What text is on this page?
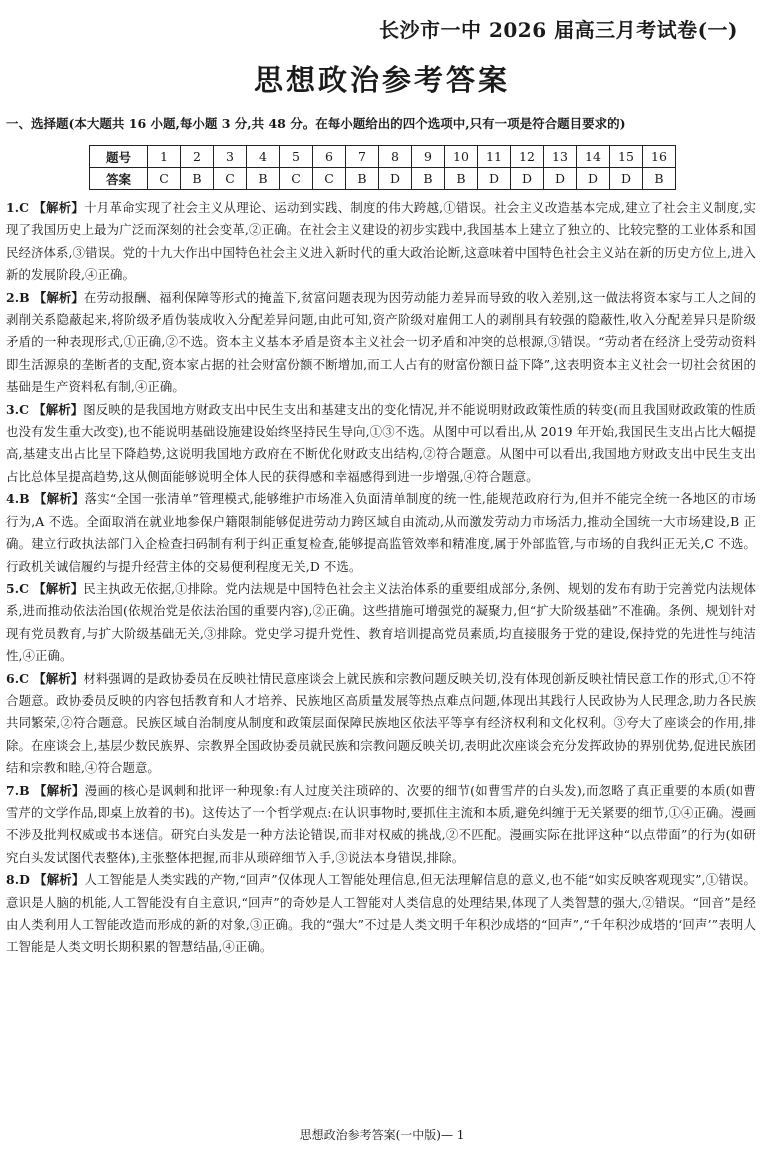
长沙市一中 2026 届高三月考试卷(一)
思想政治参考答案
一、选择题(本大题共 16 小题,每小题 3 分,共 48 分。在每小题给出的四个选项中,只有一项是符合题目要求的)
题号	1	2	3	4	5	6	7	8	9	10	11	12	13	14	15	16
答案	C	B	C	B	C	C	B	D	B	B	D	D	D	D	D	B

1.C 【解析】十月革命实现了社会主义从理论、运动到实践、制度的伟大跨越,①错误。社会主义改造基本完成,建立了社会主义制度,实现了我国历史上最为广泛而深刻的社会变革,②正确。在社会主义建设的初步实践中,我国基本上建立了独立的、比较完整的工业体系和国民经济体系,③错误。党的十九大作出中国特色社会主义进入新时代的重大政治论断,这意味着中国特色社会主义站在新的历史方位上,进入新的发展阶段,④正确。

2.B 【解析】在劳动报酬、福利保障等形式的掩盖下,贫富问题表现为因劳动能力差异而导致的收入差别,这一做法将资本家与工人之间的剥削关系隐蔽起来,将阶级矛盾伪装成收入分配差异问题,由此可知,资产阶级对雇佣工人的剥削具有较强的隐蔽性,收入分配差异只是阶级矛盾的一种表现形式,①正确,②不选。资本主义基本矛盾是资本主义社会一切矛盾和冲突的总根源,③错误。“劳动者在经济上受劳动资料即生活源泉的垄断者的支配,资本家占据的社会财富份额不断增加,而工人占有的财富份额日益下降”,这表明资本主义社会一切社会贫困的基础是生产资料私有制,④正确。

3.C 【解析】图反映的是我国地方财政支出中民生支出和基建支出的变化情况,并不能说明财政政策性质的转变(而且我国财政政策的性质也没有发生重大改变),也不能说明基础设施建设始终坚持民生导向,①③不选。从图中可以看出,从 2019 年开始,我国民生支出占比大幅提高,基建支出占比呈下降趋势,这说明我国地方政府在不断优化财政支出结构,②符合题意。从图中可以看出,我国地方财政支出中民生支出占比总体呈提高趋势,这从侧面能够说明全体人民的获得感和幸福感得到进一步增强,④符合题意。

4.B 【解析】落实“全国一张清单”管理模式,能够维护市场准入负面清单制度的统一性,能规范政府行为,但并不能完全统一各地区的市场行为,A 不选。全面取消在就业地参保户籍限制能够促进劳动力跨区域自由流动,从而激发劳动力市场活力,推动全国统一大市场建设,B 正确。建立行政执法部门入企检查扫码制有利于纠正重复检查,能够提高监管效率和精准度,属于外部监管,与市场的自我纠正无关,C 不选。行政机关诚信履约与提升经营主体的交易便利程度无关,D 不选。

5.C 【解析】民主执政无依据,①排除。党内法规是中国特色社会主义法治体系的重要组成部分,条例、规划的发布有助于完善党内法规体系,进而推动依法治国(依规治党是依法治国的重要内容),②正确。这些措施可增强党的凝聚力,但“扩大阶级基础”不准确。条例、规划针对现有党员教育,与扩大阶级基础无关,③排除。党史学习提升党性、教育培训提高党员素质,均直接服务于党的建设,保持党的先进性与纯洁性,④正确。

6.C 【解析】材料强调的是政协委员在反映社情民意座谈会上就民族和宗教问题反映关切,没有体现创新反映社情民意工作的形式,①不符合题意。政协委员反映的内容包括教育和人才培养、民族地区高质量发展等热点难点问题,体现出其践行人民政协为人民理念,助力各民族共同繁荣,②符合题意。民族区域自治制度从制度和政策层面保障民族地区依法平等享有经济权利和文化权利。③夸大了座谈会的作用,排除。在座谈会上,基层少数民族界、宗教界全国政协委员就民族和宗教问题反映关切,表明此次座谈会充分发挥政协的界别优势,促进民族团结和宗教和睦,④符合题意。

7.B 【解析】漫画的核心是讽刺和批评一种现象:有人过度关注琐碎的、次要的细节(如曹雪芹的白头发),而忽略了真正重要的本质(如曹雪芹的文学作品,即桌上放着的书)。这传达了一个哲学观点:在认识事物时,要抓住主流和本质,避免纠缠于无关紧要的细节,①④正确。漫画不涉及批判权威或书本迷信。研究白头发是一种方法论错误,而非对权威的挑战,②不匹配。漫画实际在批评这种“以点带面”的行为(如研究白头发试图代表整体),主张整体把握,而非从琐碎细节入手,③说法本身错误,排除。

8.D 【解析】人工智能是人类实践的产物,“回声”仅体现人工智能处理信息,但无法理解信息的意义,也不能“如实反映客观现实”,①错误。意识是人脑的机能,人工智能没有自主意识,“回声”的奇妙是人工智能对人类信息的处理结果,体现了人类智慧的强大,②错误。“回音”是经由人类利用人工智能改造而形成的新的对象,③正确。我的“强大”不过是人类文明千年积沙成塔的“回声”,“千年积沙成塔的‘回声’”表明人工智能是人类文明长期积累的智慧结晶,④正确。

思想政治参考答案(一中版)— 1
